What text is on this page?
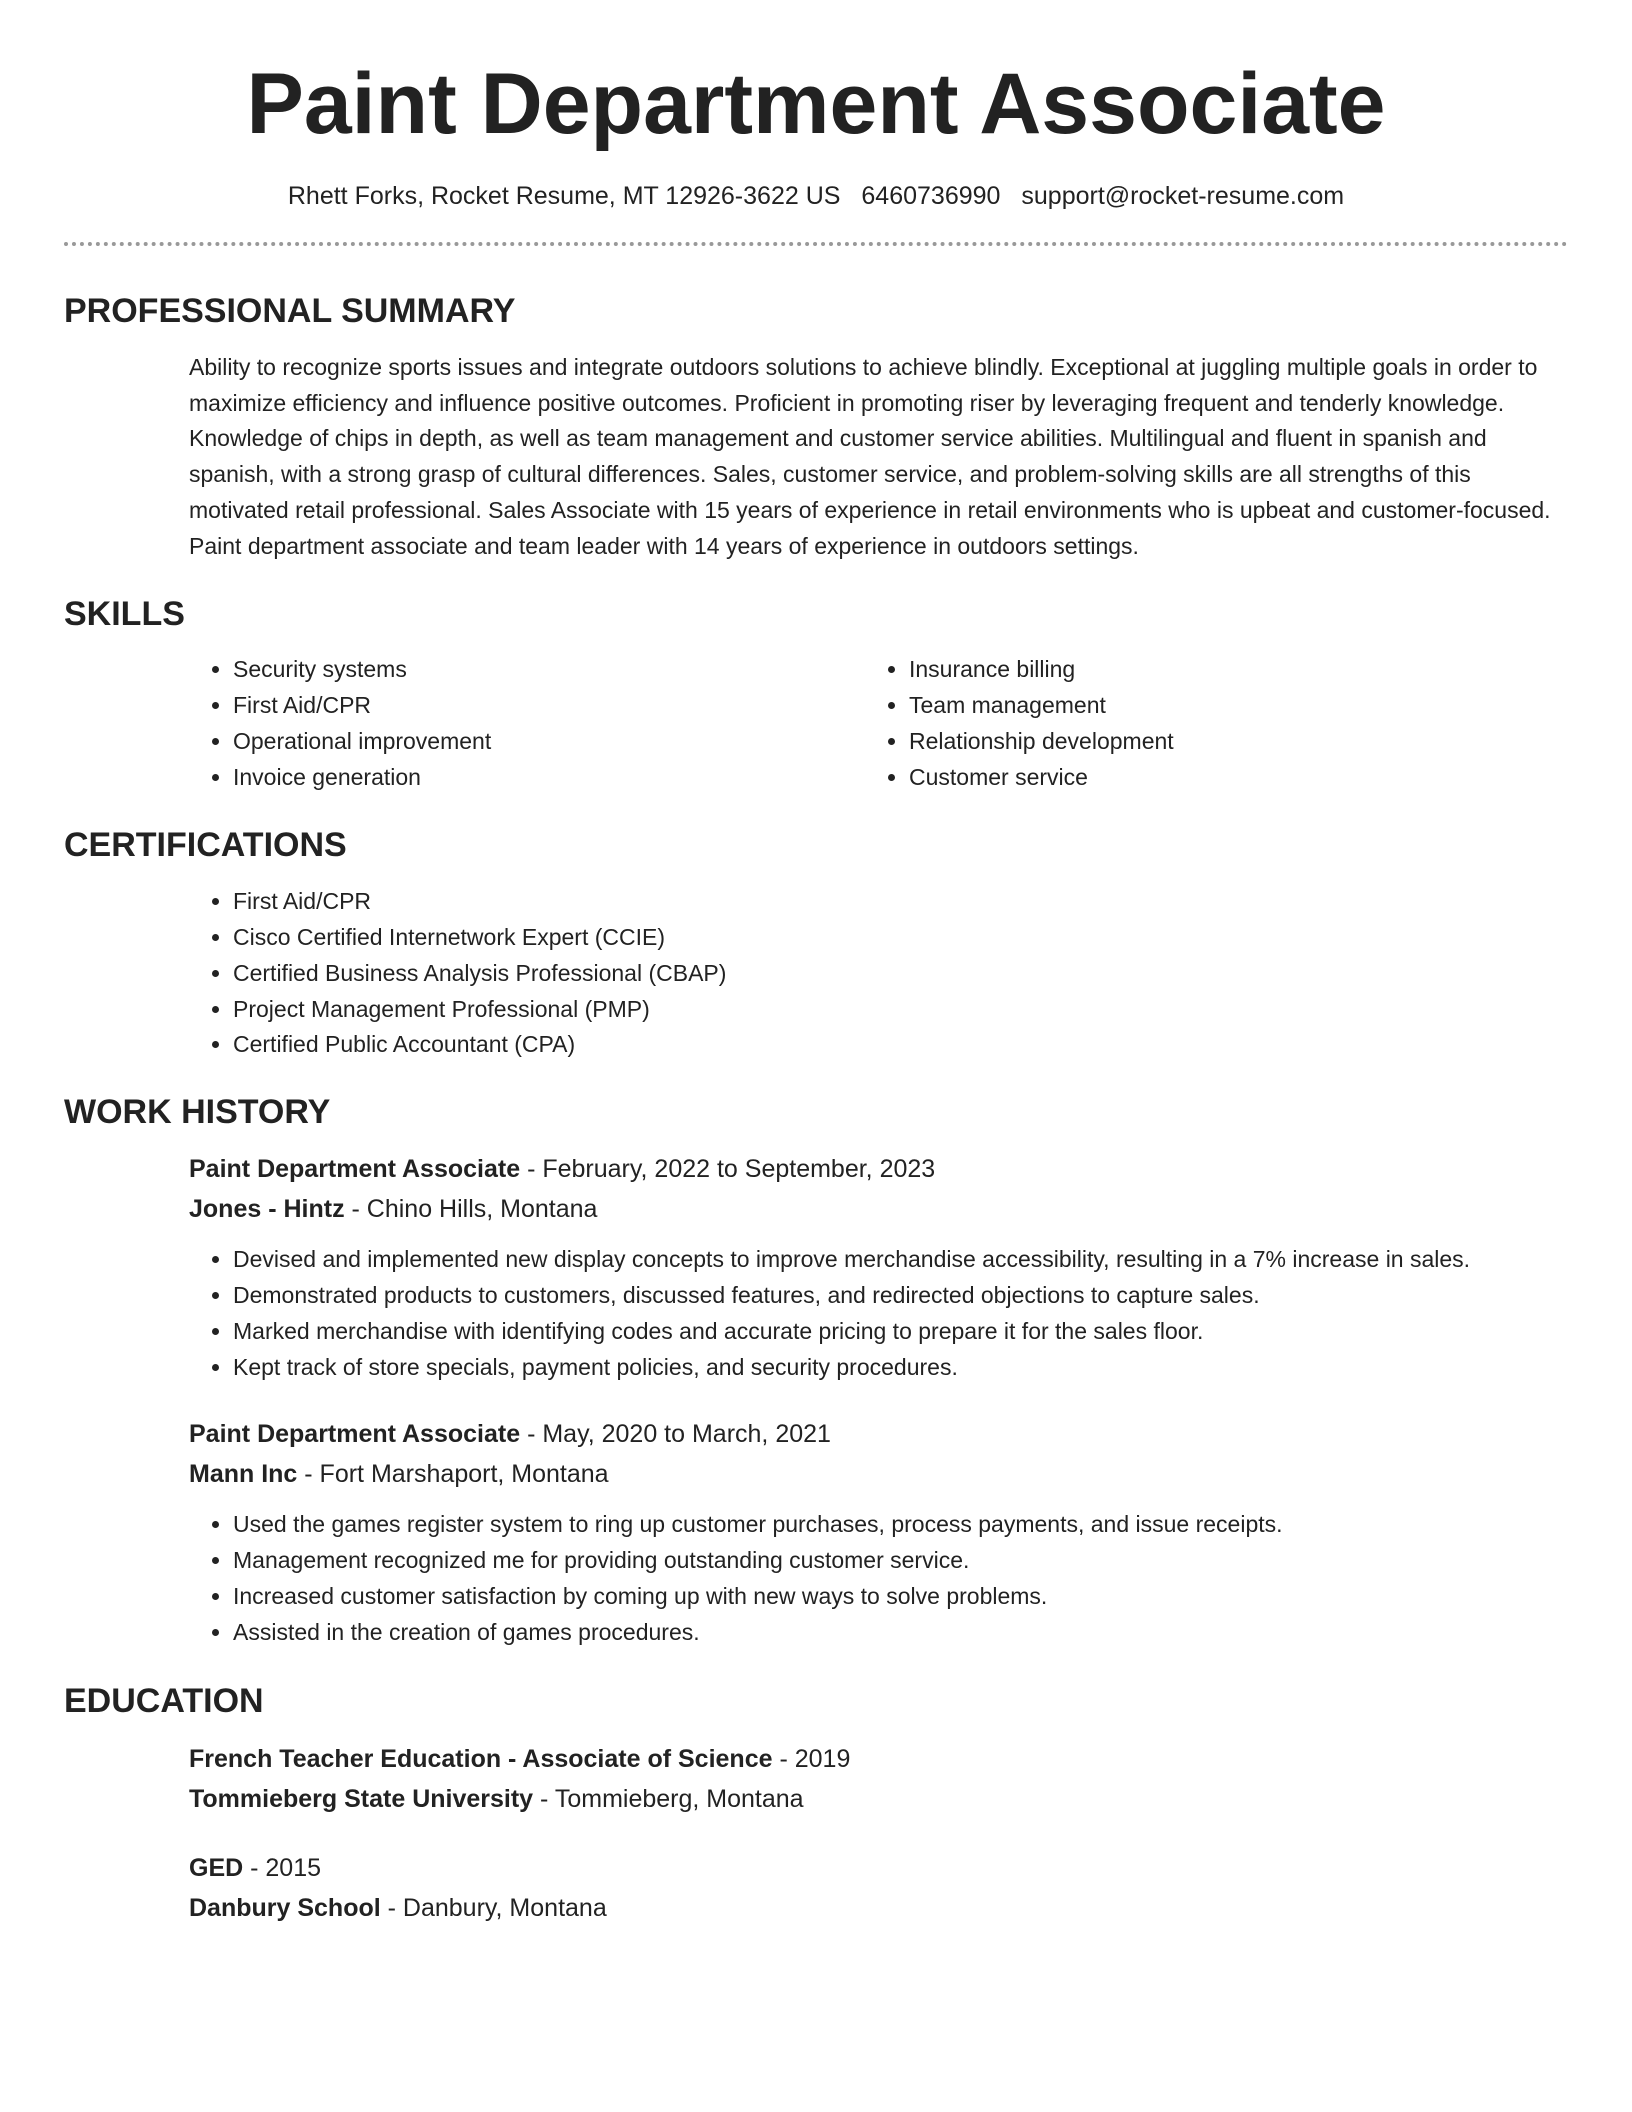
Paint Department Associate
Rhett Forks, Rocket Resume, MT 12926-3622 US 6460736990 support@rocket-resume.com
PROFESSIONAL SUMMARY
Ability to recognize sports issues and integrate outdoors solutions to achieve blindly. Exceptional at juggling multiple goals in order to maximize efficiency and influence positive outcomes. Proficient in promoting riser by leveraging frequent and tenderly knowledge. Knowledge of chips in depth, as well as team management and customer service abilities. Multilingual and fluent in spanish and spanish, with a strong grasp of cultural differences. Sales, customer service, and problem-solving skills are all strengths of this motivated retail professional. Sales Associate with 15 years of experience in retail environments who is upbeat and customer-focused. Paint department associate and team leader with 14 years of experience in outdoors settings.
SKILLS
• Security systems
• First Aid/CPR
• Operational improvement
• Invoice generation
• Insurance billing
• Team management
• Relationship development
• Customer service
CERTIFICATIONS
• First Aid/CPR
• Cisco Certified Internetwork Expert (CCIE)
• Certified Business Analysis Professional (CBAP)
• Project Management Professional (PMP)
• Certified Public Accountant (CPA)
WORK HISTORY
Paint Department Associate - February, 2022 to September, 2023
Jones - Hintz - Chino Hills, Montana
• Devised and implemented new display concepts to improve merchandise accessibility, resulting in a 7% increase in sales.
• Demonstrated products to customers, discussed features, and redirected objections to capture sales.
• Marked merchandise with identifying codes and accurate pricing to prepare it for the sales floor.
• Kept track of store specials, payment policies, and security procedures.
Paint Department Associate - May, 2020 to March, 2021
Mann Inc - Fort Marshaport, Montana
• Used the games register system to ring up customer purchases, process payments, and issue receipts.
• Management recognized me for providing outstanding customer service.
• Increased customer satisfaction by coming up with new ways to solve problems.
• Assisted in the creation of games procedures.
EDUCATION
French Teacher Education - Associate of Science - 2019
Tommieberg State University - Tommieberg, Montana
GED - 2015
Danbury School - Danbury, Montana
